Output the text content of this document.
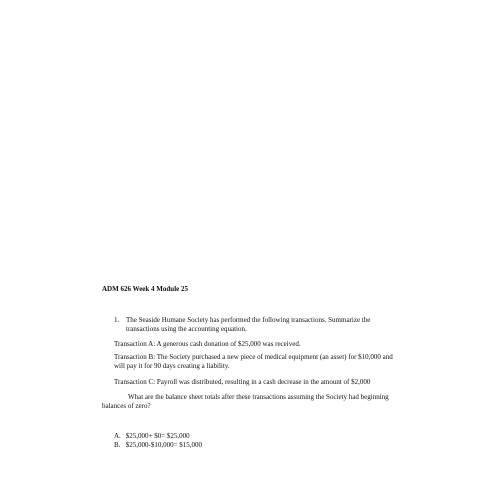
ADM 626 Week 4 Module 25
1. The Seaside Humane Society has performed the following transactions. Summarize the transactions using the accounting equation.
Transaction A: A generous cash donation of $25,000 was received.
Transaction B: The Society purchased a new piece of medical equipment (an asset) for $10,000 and will pay it for 90 days creating a liability.
Transaction C: Payroll was distributed, resulting in a cash decrease in the amount of $2,000
What are the balance sheet totals after these transactions assuming the Society had beginning balances of zero?
A. $25,000+ $0= $25,000
B. $25,000-$10,000= $15,000
